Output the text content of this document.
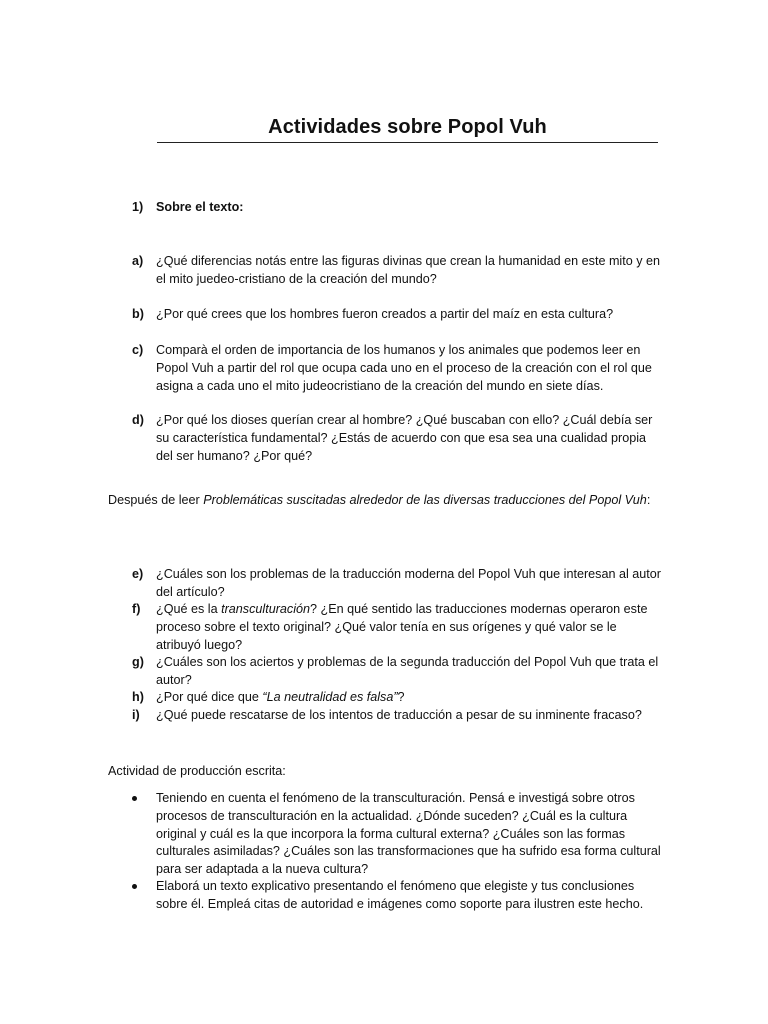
Actividades sobre Popol Vuh
1) Sobre el texto:
a) ¿Qué diferencias notás entre las figuras divinas que crean la humanidad en este mito y en el mito juedeo-cristiano de la creación del mundo?
b) ¿Por qué crees que los hombres fueron creados a partir del maíz en esta cultura?
c) Comparà el orden de importancia de los humanos y los animales que podemos leer en Popol Vuh a partir del rol que ocupa cada uno en el proceso de la creación con el rol que asigna a cada uno el mito judeocristiano de la creación del mundo en siete días.
d) ¿Por qué los dioses querían crear al hombre? ¿Qué buscaban con ello? ¿Cuál debía ser su característica fundamental? ¿Estás de acuerdo con que esa sea una cualidad propia del ser humano? ¿Por qué?
Después de leer Problemáticas suscitadas alrededor de las diversas traducciones del Popol Vuh:
e) ¿Cuáles son los problemas de la traducción moderna del Popol Vuh que interesan al autor del artículo?
f) ¿Qué es la transculturación? ¿En qué sentido las traducciones modernas operaron este proceso sobre el texto original? ¿Qué valor tenía en sus orígenes y qué valor se le atribuyó luego?
g) ¿Cuáles son los aciertos y problemas de la segunda traducción del Popol Vuh que trata el autor?
h) ¿Por qué dice que “La neutralidad es falsa”?
i) ¿Qué puede rescatarse de los intentos de traducción a pesar de su inminente fracaso?
Actividad de producción escrita:
Teniendo en cuenta el fenómeno de la transculturación. Pensá e investigá sobre otros procesos de transculturación en la actualidad. ¿Dónde suceden? ¿Cuál es la cultura original y cuál es la que incorpora la forma cultural externa? ¿Cuáles son las formas culturales asimiladas? ¿Cuáles son las transformaciones que ha sufrido esa forma cultural para ser adaptada a la nueva cultura?
Elaborá un texto explicativo presentando el fenómeno que elegiste y tus conclusiones sobre él. Empleá citas de autoridad e imágenes como soporte para ilustren este hecho.
